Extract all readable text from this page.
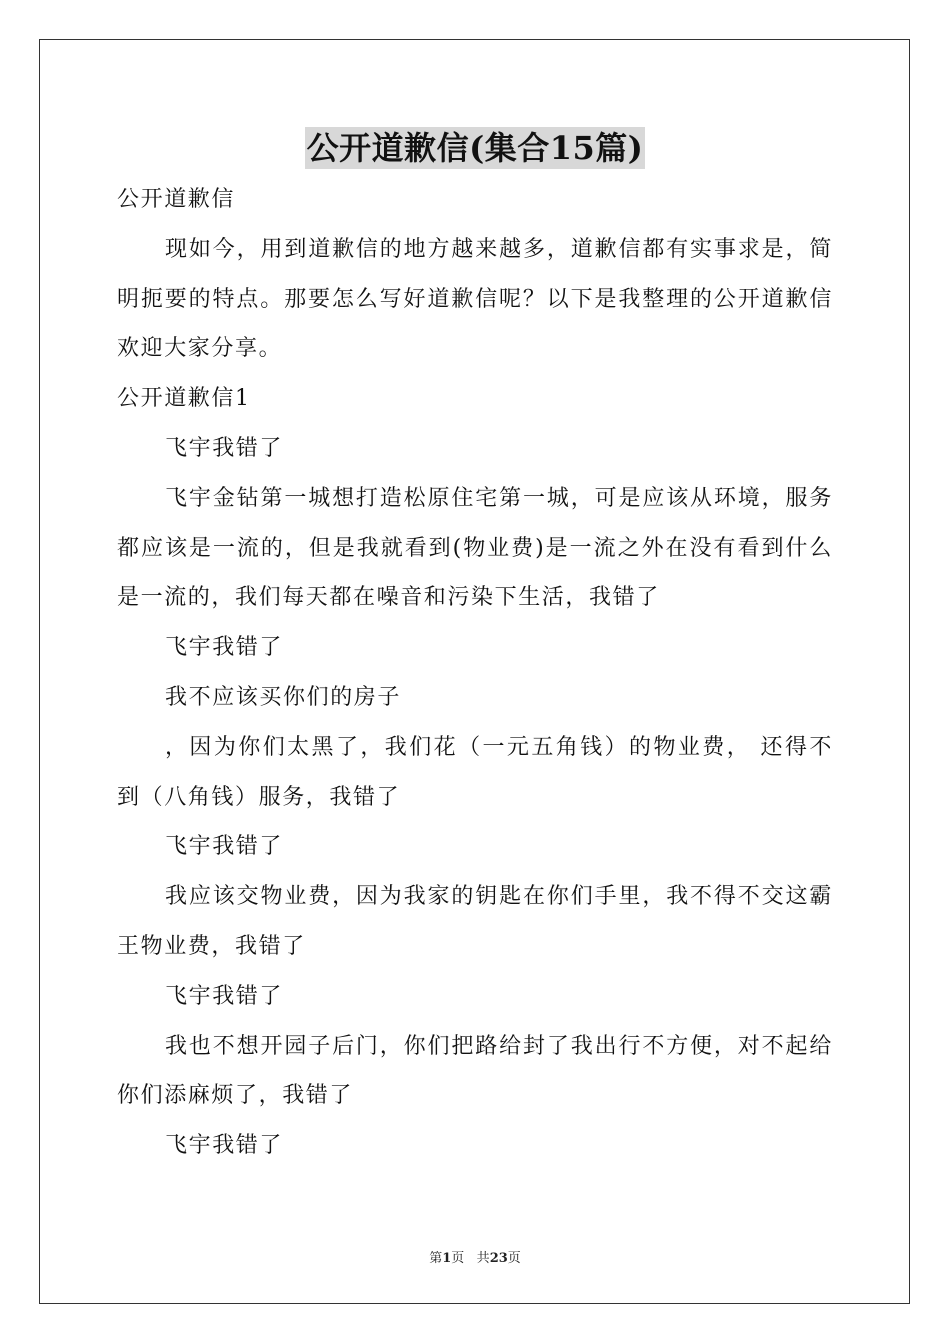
公开道歉信(集合15篇)

公开道歉信

现如今，用到道歉信的地方越来越多，道歉信都有实事求是，简明扼要的特点。那要怎么写好道歉信呢？以下是我整理的公开道歉信欢迎大家分享。

公开道歉信1

飞宇我错了

飞宇金钻第一城想打造松原住宅第一城，可是应该从环境，服务都应该是一流的，但是我就看到(物业费)是一流之外在没有看到什么是一流的，我们每天都在噪音和污染下生活，我错了

飞宇我错了

我不应该买你们的房子

，因为你们太黑了，我们花（一元五角钱）的物业费， 还得不到（八角钱）服务，我错了

飞宇我错了

我应该交物业费，因为我家的钥匙在你们手里，我不得不交这霸王物业费，我错了

飞宇我错了

我也不想开园子后门，你们把路给封了我出行不方便，对不起给你们添麻烦了，我错了

飞宇我错了

第1页 共23页
